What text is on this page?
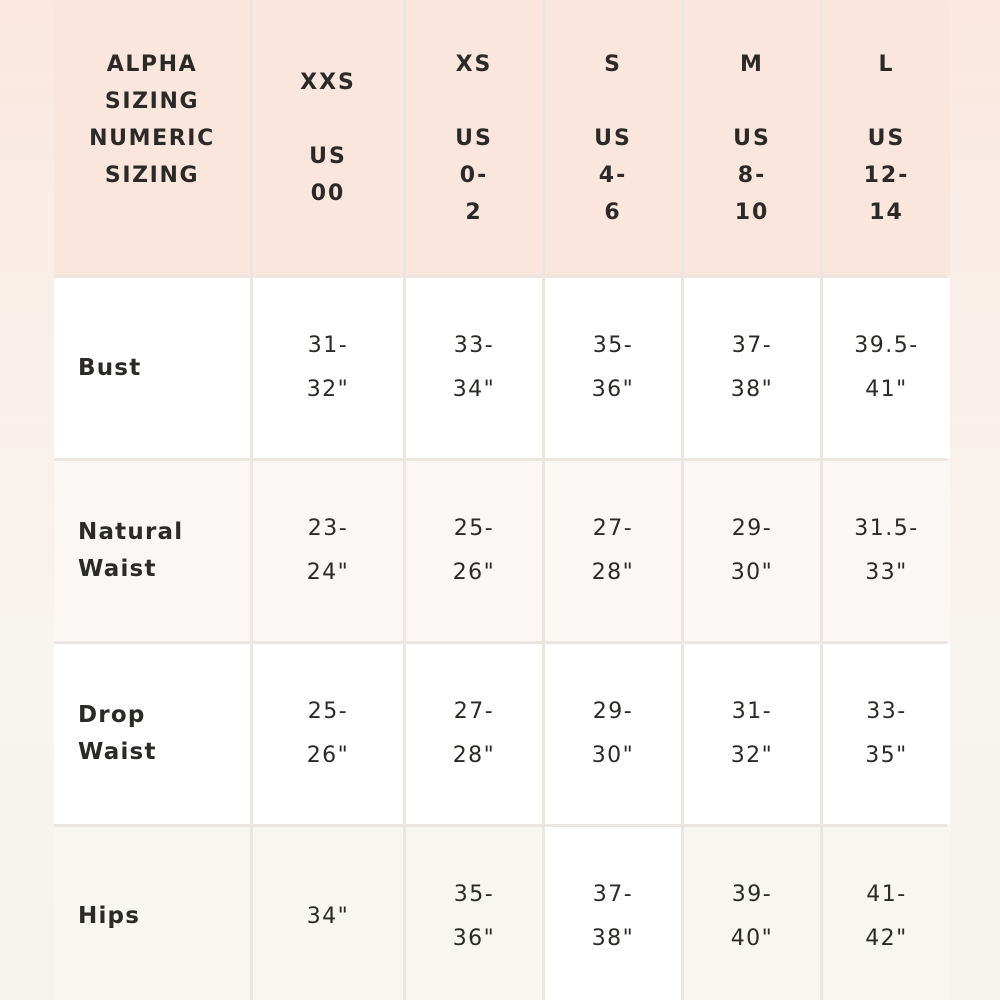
ALPHA
SIZING
NUMERIC
SIZING
XXS
US
00
XS
US
0-
2
S
US
4-
6
M
US
8-
10
L
US
12-
14
Bust
31-
32"
33-
34"
35-
36"
37-
38"
39.5-
41"
Natural
Waist
23-
24"
25-
26"
27-
28"
29-
30"
31.5-
33"
Drop
Waist
25-
26"
27-
28"
29-
30"
31-
32"
33-
35"
Hips	34"
35-
36"
37-
38"
39-
40"
41-
42"
